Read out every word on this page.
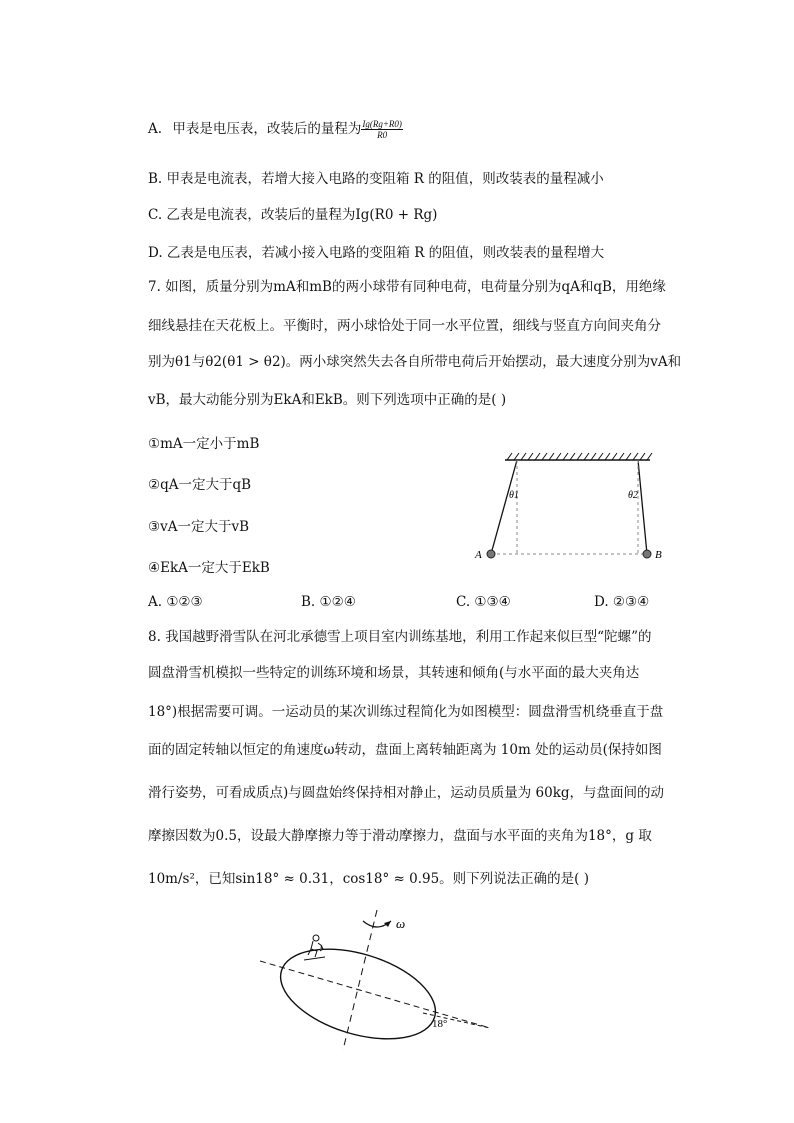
A. 甲表是电压表，改装后的量程为 $\frac{Ig(Rg+R0)}{R0}$
B. 甲表是电流表，若增大接入电路的变阻箱 R 的阻值，则改装表的量程减小
C. 乙表是电流表，改装后的量程为Ig(R0 + Rg)
D. 乙表是电压表，若减小接入电路的变阻箱 R 的阻值，则改装表的量程增大
7. 如图，质量分别为mA和mB的两小球带有同种电荷，电荷量分别为qA和qB，用绝缘
细线悬挂在天花板上。平衡时，两小球恰处于同一水平位置，细线与竖直方向间夹角分
别为θ1与θ2(θ1 > θ2)。两小球突然失去各自所带电荷后开始摆动，最大速度分别为vA和
vB，最大动能分别为EkA和EkB。则下列选项中正确的是( )
①mA一定小于mB
②qA一定大于qB
③vA一定大于vB
④EkA一定大于EkB
A. ①②③	B. ①②④	C. ①③④	D. ②③④
A	B
θ1	θ2
8. 我国越野滑雪队在河北承德雪上项目室内训练基地，利用工作起来似巨型“陀螺”的
圆盘滑雪机模拟一些特定的训练环境和场景，其转速和倾角(与水平面的最大夹角达
18°)根据需要可调。一运动员的某次训练过程简化为如图模型：圆盘滑雪机绕垂直于盘
面的固定转轴以恒定的角速度ω转动，盘面上离转轴距离为 10m 处的运动员(保持如图
滑行姿势，可看成质点)与圆盘始终保持相对静止，运动员质量为 60kg，与盘面间的动
摩擦因数为0.5，设最大静摩擦力等于滑动摩擦力，盘面与水平面的夹角为18°，g 取
10m/s²，已知sin18° ≈ 0.31，cos18° ≈ 0.95。则下列说法正确的是( )
ω
18°
